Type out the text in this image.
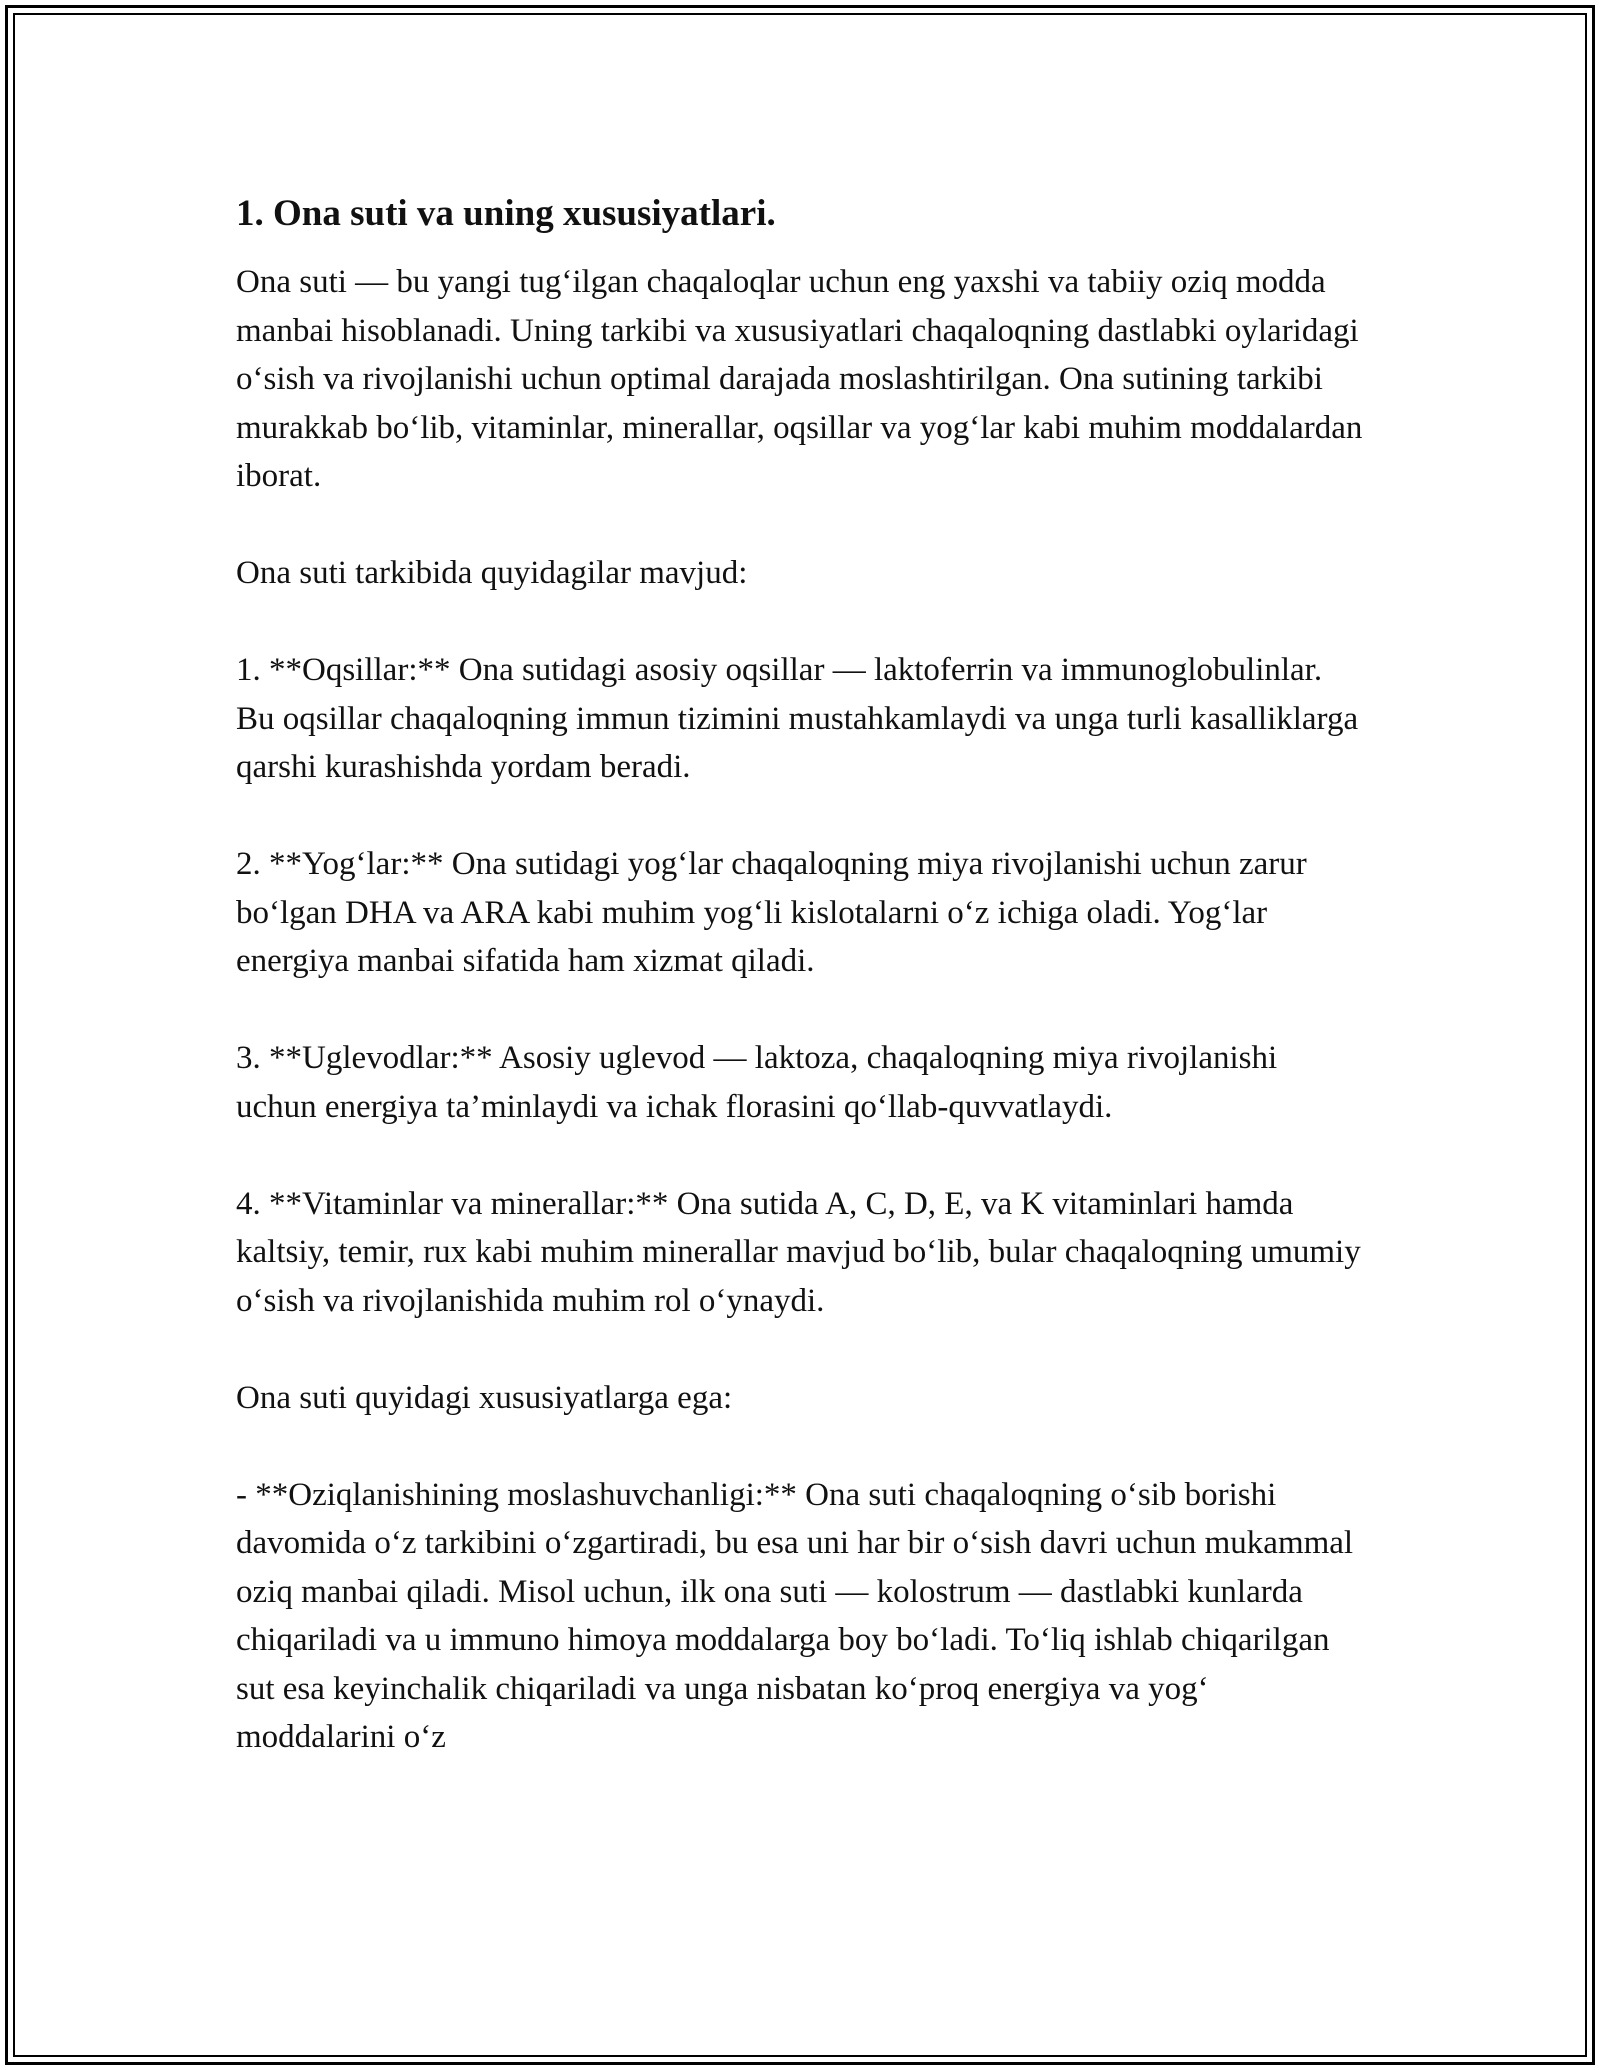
1. Ona suti va uning xususiyatlari.

Ona suti — bu yangi tug‘ilgan chaqaloqlar uchun eng yaxshi va tabiiy oziq modda manbai hisoblanadi. Uning tarkibi va xususiyatlari chaqaloqning dastlabki oylaridagi o‘sish va rivojlanishi uchun optimal darajada moslashtirilgan. Ona sutining tarkibi murakkab bo‘lib, vitaminlar, minerallar, oqsillar va yog‘lar kabi muhim moddalardan iborat.

Ona suti tarkibida quyidagilar mavjud:

1. **Oqsillar:** Ona sutidagi asosiy oqsillar — laktoferrin va immunoglobulinlar. Bu oqsillar chaqaloqning immun tizimini mustahkamlaydi va unga turli kasalliklarga qarshi kurashishda yordam beradi.

2. **Yog‘lar:** Ona sutidagi yog‘lar chaqaloqning miya rivojlanishi uchun zarur bo‘lgan DHA va ARA kabi muhim yog‘li kislotalarni o‘z ichiga oladi. Yog‘lar energiya manbai sifatida ham xizmat qiladi.

3. **Uglevodlar:** Asosiy uglevod — laktoza, chaqaloqning miya rivojlanishi uchun energiya ta’minlaydi va ichak florasini qo‘llab-quvvatlaydi.

4. **Vitaminlar va minerallar:** Ona sutida A, C, D, E, va K vitaminlari hamda kaltsiy, temir, rux kabi muhim minerallar mavjud bo‘lib, bular chaqaloqning umumiy o‘sish va rivojlanishida muhim rol o‘ynaydi.

Ona suti quyidagi xususiyatlarga ega:

- **Oziqlanishining moslashuvchanligi:** Ona suti chaqaloqning o‘sib borishi davomida o‘z tarkibini o‘zgartiradi, bu esa uni har bir o‘sish davri uchun mukammal oziq manbai qiladi. Misol uchun, ilk ona suti — kolostrum — dastlabki kunlarda chiqariladi va u immuno himoya moddalarga boy bo‘ladi. To‘liq ishlab chiqarilgan sut esa keyinchalik chiqariladi va unga nisbatan ko‘proq energiya va yog‘ moddalarini o‘z
